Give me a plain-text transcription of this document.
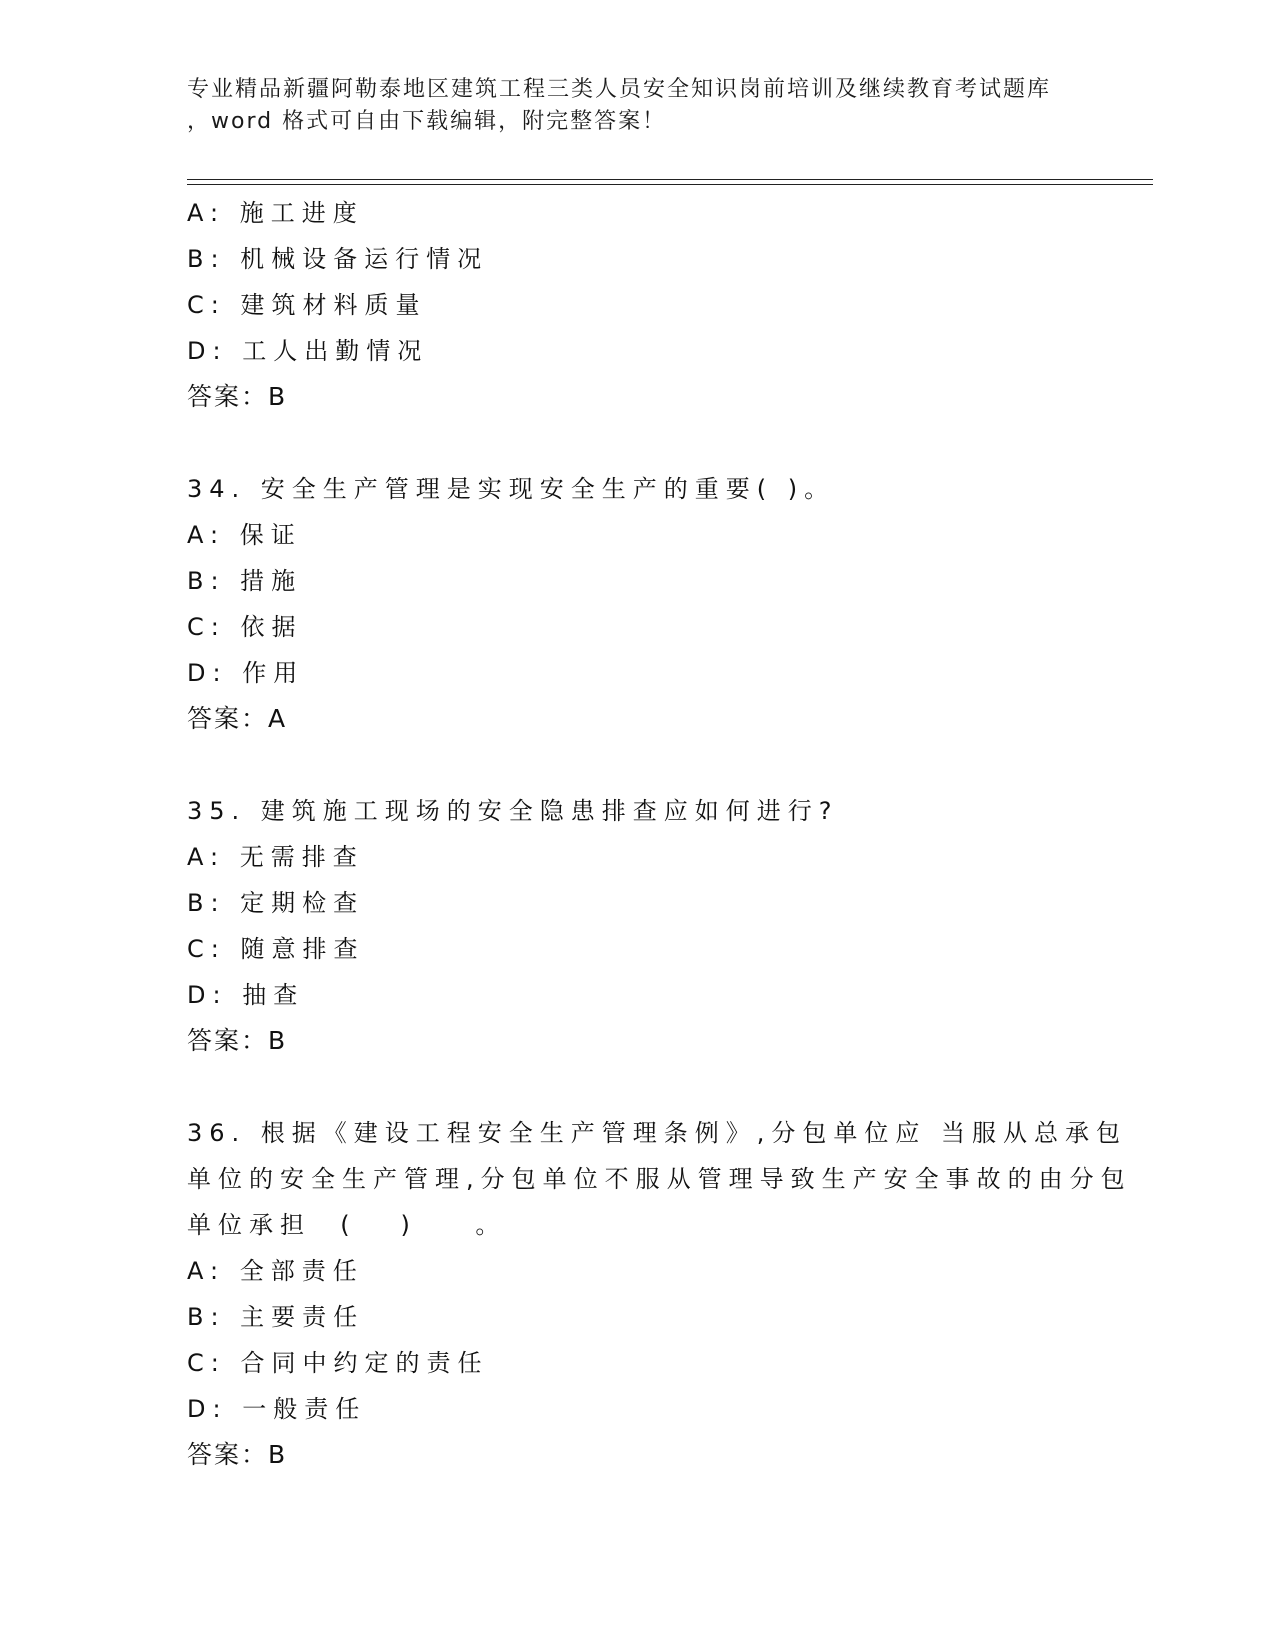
专业精品新疆阿勒泰地区建筑工程三类人员安全知识岗前培训及继续教育考试题库
，word 格式可自由下载编辑，附完整答案！
A: 施工进度
B: 机械设备运行情况
C: 建筑材料质量
D: 工人出勤情况
答案：B
34. 安全生产管理是实现安全生产的重要( )。
A: 保证
B: 措施
C: 依据
D: 作用
答案：A
35. 建筑施工现场的安全隐患排查应如何进行?
A: 无需排查
B: 定期检查
C: 随意排查
D: 抽查
答案：B
36. 根据《建设工程安全生产管理条例》,分包单位应 当服从总承包
单位的安全生产管理,分包单位不服从管理导致生产安全事故的由分包
单位承担  (   )    。
A: 全部责任
B: 主要责任
C: 合同中约定的责任
D: 一般责任
答案：B
